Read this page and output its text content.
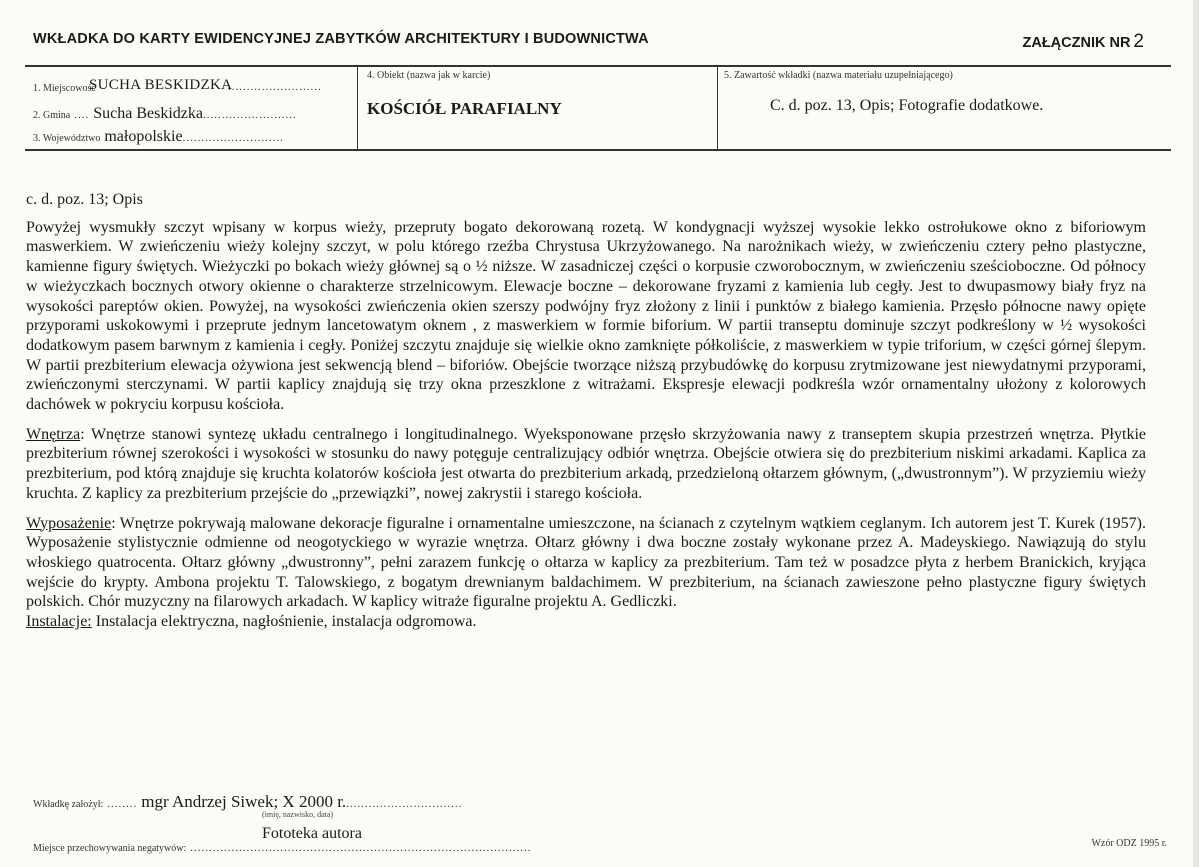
WKŁADKA DO KARTY EWIDENCYJNEJ ZABYTKÓW ARCHITEKTURY I BUDOWNICTWA	ZAŁĄCZNIK NR 2
1. Miejscowość
SUCHA BESKIDZKA
.........................
2. Gmina .... Sucha Beskidzka.........................
3. Województwo małopolskie...........................
4. Obiekt (nazwa jak w karcie)
KOŚCIÓŁ PARAFIALNY
5. Zawartość wkładki (nazwa materiału uzupełniającego)
C. d. poz. 13, Opis; Fotografie dodatkowe.

c. d. poz. 13; Opis

Powyżej wysmukły szczyt wpisany w korpus wieży, przepruty bogato dekorowaną rozetą. W kondygnacji wyższej wysokie lekko ostrołukowe okno z biforiowym maswerkiem. W zwieńczeniu wieży kolejny szczyt, w polu którego rzeźba Chrystusa Ukrzyżowanego. Na narożnikach wieży, w zwieńczeniu cztery pełno plastyczne, kamienne figury świętych. Wieżyczki po bokach wieży głównej są o ½ niższe. W zasadniczej części o korpusie czworobocznym, w zwieńczeniu sześcioboczne. Od północy w wieżyczkach bocznych otwory okienne o charakterze strzelnicowym. Elewacje boczne – dekorowane fryzami z kamienia lub cegły. Jest to dwupasmowy biały fryz na wysokości pareptów okien. Powyżej, na wysokości zwieńczenia okien szerszy podwójny fryz złożony z linii i punktów z białego kamienia. Przęsło północne nawy opięte przyporami uskokowymi i przeprute jednym lancetowatym oknem , z maswerkiem w formie biforium. W partii transeptu dominuje szczyt podkreślony w ½ wysokości dodatkowym pasem barwnym z kamienia i cegły. Poniżej szczytu znajduje się wielkie okno zamknięte półkoliście, z maswerkiem w typie triforium, w części górnej ślepym. W partii prezbiterium elewacja ożywiona jest sekwencją blend – biforiów. Obejście tworzące niższą przybudówkę do korpusu zrytmizowane jest niewydatnymi przyporami, zwieńczonymi sterczynami. W partii kaplicy znajdują się trzy okna przeszklone z witrażami. Ekspresje elewacji podkreśla wzór ornamentalny ułożony z kolorowych dachówek w pokryciu korpusu kościoła.

Wnętrza: Wnętrze stanowi syntezę układu centralnego i longitudinalnego. Wyeksponowane przęsło skrzyżowania nawy z transeptem skupia przestrzeń wnętrza. Płytkie prezbiterium równej szerokości i wysokości w stosunku do nawy potęguje centralizujący odbiór wnętrza. Obejście otwiera się do prezbiterium niskimi arkadami. Kaplica za prezbiterium, pod którą znajduje się kruchta kolatorów kościoła jest otwarta do prezbiterium arkadą, przedzieloną ołtarzem głównym, („dwustronnym”). W przyziemiu wieży kruchta. Z kaplicy za prezbiterium przejście do „przewiązki”, nowej zakrystii i starego kościoła.

Wyposażenie: Wnętrze pokrywają malowane dekoracje figuralne i ornamentalne umieszczone, na ścianach z czytelnym wątkiem ceglanym. Ich autorem jest T. Kurek (1957). Wyposażenie stylistycznie odmienne od neogotyckiego w wyrazie wnętrza. Ołtarz główny i dwa boczne zostały wykonane przez A. Madeyskiego. Nawiązują do stylu włoskiego quatrocenta. Ołtarz główny „dwustronny”, pełni zarazem funkcję o ołtarza w kaplicy za prezbiterium. Tam też w posadzce płyta z herbem Branickich, kryjąca wejście do krypty. Ambona projektu T. Talowskiego, z bogatym drewnianym baldachimem. W prezbiterium, na ścianach zawieszone pełno plastyczne figury świętych polskich. Chór muzyczny na filarowych arkadach. W kaplicy witraże figuralne projektu A. Gedliczki.

Instalacje: Instalacja elektryczna, nagłośnienie, instalacja odgromowa.

Wkładkę założył: ........ mgr Andrzej Siwek; X 2000 r................................
(imię, nazwisko, data)
Fototeka autora
Miejsce przechowywania negatywów: ...........................................................................................	Wzór ODZ 1995 r.
